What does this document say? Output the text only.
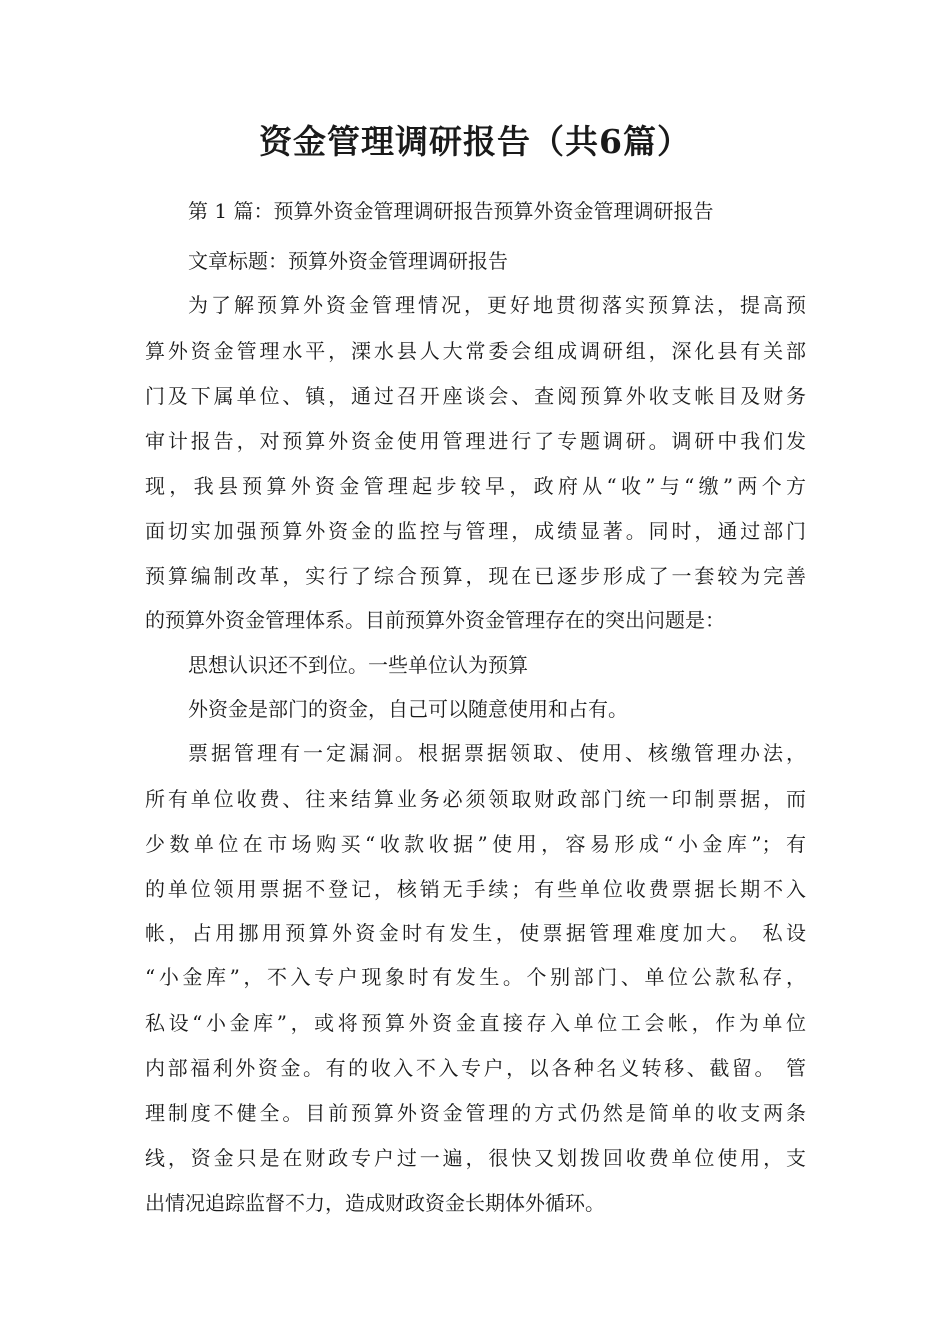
资金管理调研报告（共6篇）
第 1 篇：预算外资金管理调研报告预算外资金管理调研报告
文章标题：预算外资金管理调研报告
为了解预算外资金管理情况，更好地贯彻落实预算法，提高预
算外资金管理水平，溧水县人大常委会组成调研组，深化县有关部
门及下属单位、镇，通过召开座谈会、查阅预算外收支帐目及财务
审计报告，对预算外资金使用管理进行了专题调研。调研中我们发
现，我县预算外资金管理起步较早，政府从“收”与“缴”两个方
面切实加强预算外资金的监控与管理，成绩显著。同时，通过部门
预算编制改革，实行了综合预算，现在已逐步形成了一套较为完善
的预算外资金管理体系。目前预算外资金管理存在的突出问题是：
思想认识还不到位。一些单位认为预算
外资金是部门的资金，自己可以随意使用和占有。
票据管理有一定漏洞。根据票据领取、使用、核缴管理办法，
所有单位收费、往来结算业务必须领取财政部门统一印制票据，而
少数单位在市场购买“收款收据”使用，容易形成“小金库”；有
的单位领用票据不登记，核销无手续；有些单位收费票据长期不入
帐，占用挪用预算外资金时有发生，使票据管理难度加大。 私设
“小金库”，不入专户现象时有发生。个别部门、单位公款私存，
私设“小金库”，或将预算外资金直接存入单位工会帐，作为单位
内部福利外资金。有的收入不入专户，以各种名义转移、截留。 管
理制度不健全。目前预算外资金管理的方式仍然是简单的收支两条
线，资金只是在财政专户过一遍，很快又划拨回收费单位使用，支
出情况追踪监督不力，造成财政资金长期体外循环。
